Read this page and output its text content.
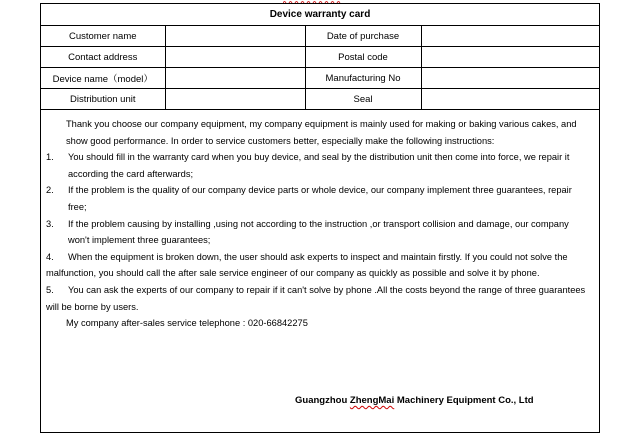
Device warranty card			
Customer name		Date of purchase	
Contact address		Postal code	
Device name（model）		Manufacturing No	
Distribution unit		Seal	

Thank you choose our company equipment, my company equipment is mainly used for making or baking various cakes, and show good performance. In order to service customers better, especially make the following instructions:

1.	You should fill in the warranty card when you buy device, and seal by the distribution unit then come into force, we repair it
according the card afterwards;
2.	If the problem is the quality of our company device parts or whole device, our company implement three guarantees, repair
free;
3.	If the problem causing by installing ,using not according to the instruction ,or transport collision and damage, our company
won't implement three guarantees;
4.	When the equipment is broken down, the user should ask experts to inspect and maintain firstly. If you could not solve the
malfunction, you should call the after sale service engineer of our company as quickly as possible and solve it by phone.
5.	You can ask the experts of our company to repair if it can't solve by phone .All the costs beyond the range of three guarantees
will be borne by users.

My company after-sales service telephone : 020-66842275

Guangzhou ZhengMai Machinery Equipment Co., Ltd
